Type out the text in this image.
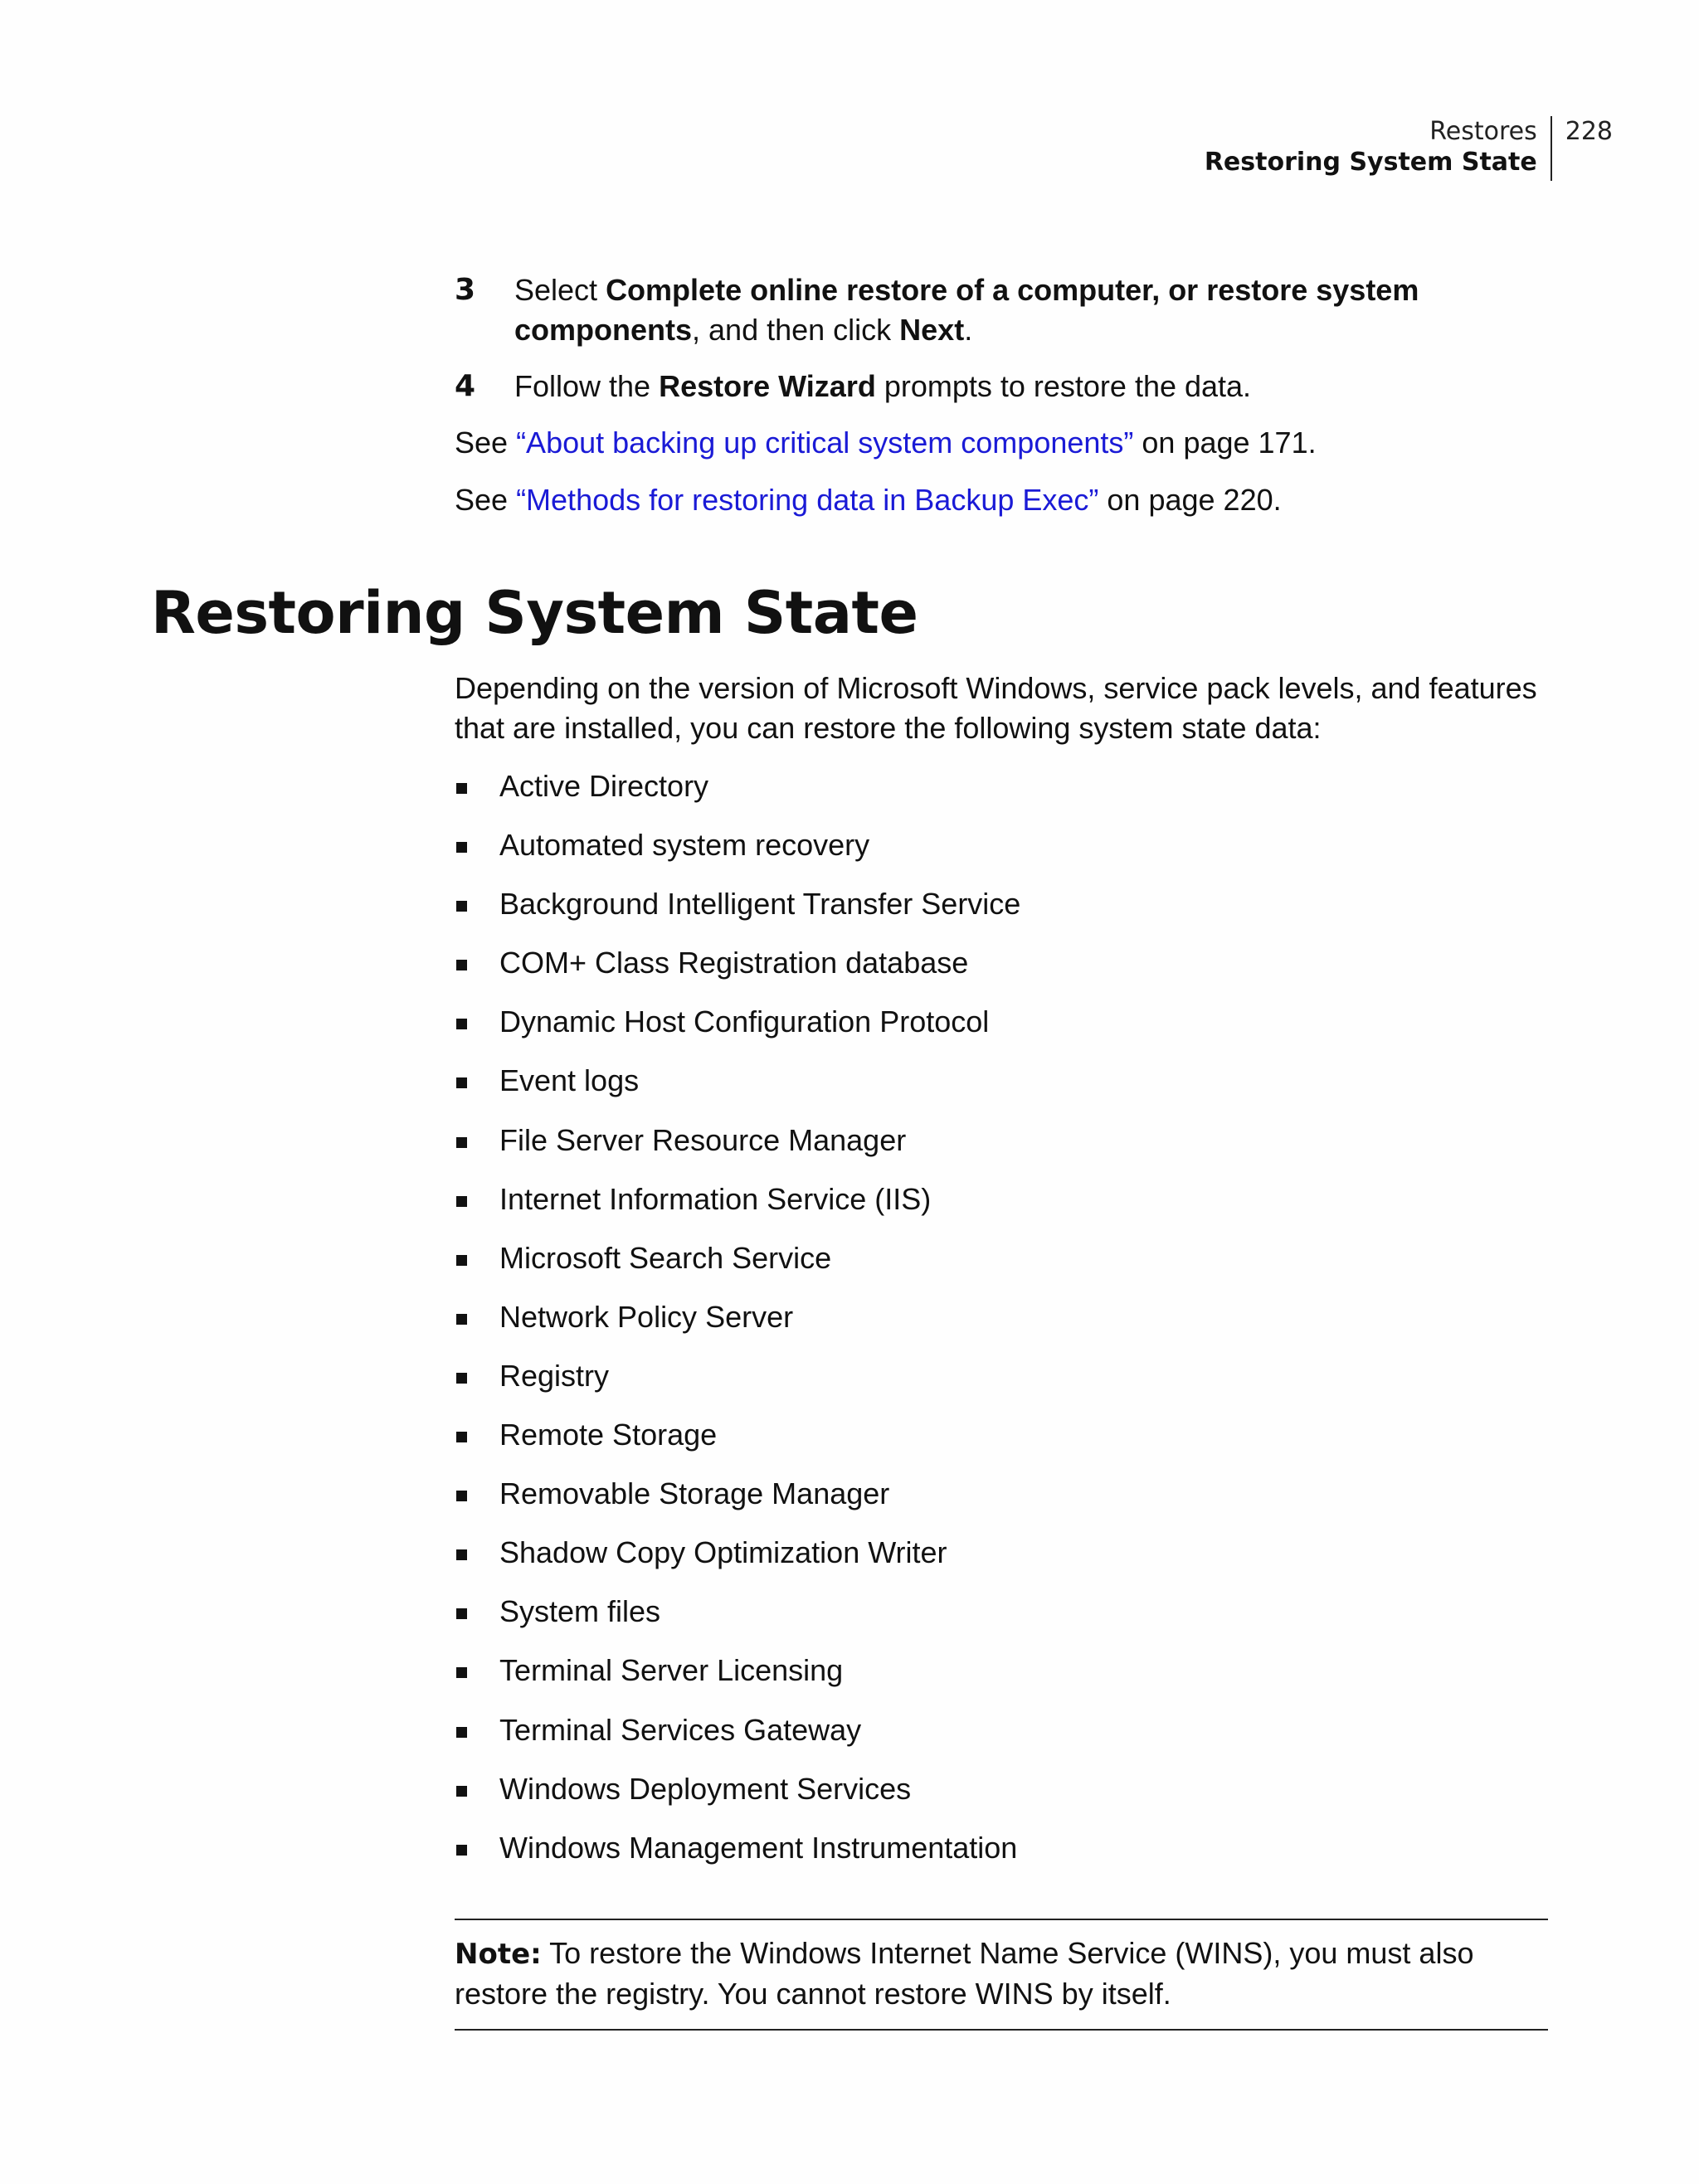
Restores
Restoring System State
228
3	Select Complete online restore of a computer, or restore system components, and then click Next.
4	Follow the Restore Wizard prompts to restore the data.
See “About backing up critical system components” on page 171.
See “Methods for restoring data in Backup Exec” on page 220.
Restoring System State

Depending on the version of Microsoft Windows, service pack levels, and features that are installed, you can restore the following system state data:

Active Directory
Automated system recovery
Background Intelligent Transfer Service
COM+ Class Registration database
Dynamic Host Configuration Protocol
Event logs
File Server Resource Manager
Internet Information Service (IIS)
Microsoft Search Service
Network Policy Server
Registry
Remote Storage
Removable Storage Manager
Shadow Copy Optimization Writer
System files
Terminal Server Licensing
Terminal Services Gateway
Windows Deployment Services
Windows Management Instrumentation
Note: To restore the Windows Internet Name Service (WINS), you must also restore the registry. You cannot restore WINS by itself.
